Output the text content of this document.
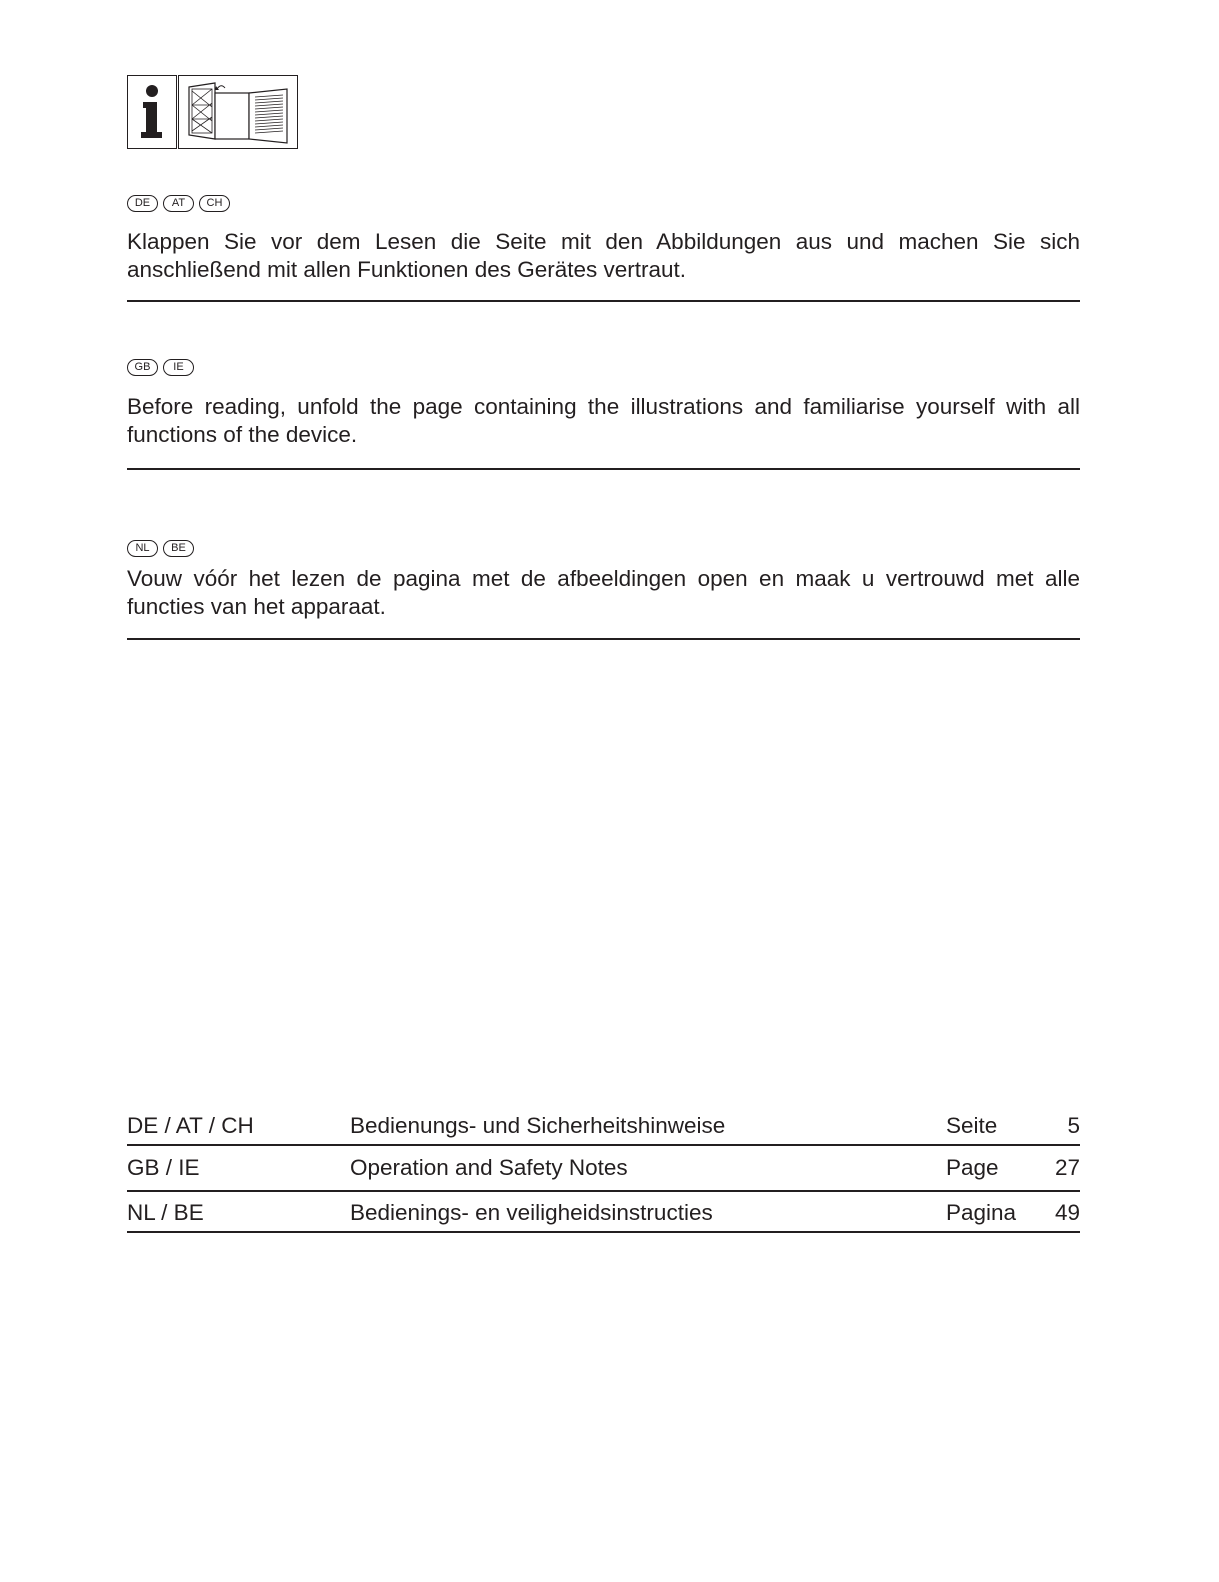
DE	AT	CH

Klappen Sie vor dem Lesen die Seite mit den Abbildungen aus und machen Sie sich anschließend mit allen Funktionen des Gerätes vertraut.

GB	IE

Before reading, unfold the page containing the illustrations and familiarise yourself with all functions of the device.

NL	BE

Vouw vóór het lezen de pagina met de afbeeldingen open en maak u vertrouwd met alle functies van het apparaat.

DE / AT / CH	Bedienungs- und Sicherheitshinweise	Seite	5
GB / IE	Operation and Safety Notes	Page	27
NL / BE	Bedienings- en veiligheidsinstructies	Pagina 49
